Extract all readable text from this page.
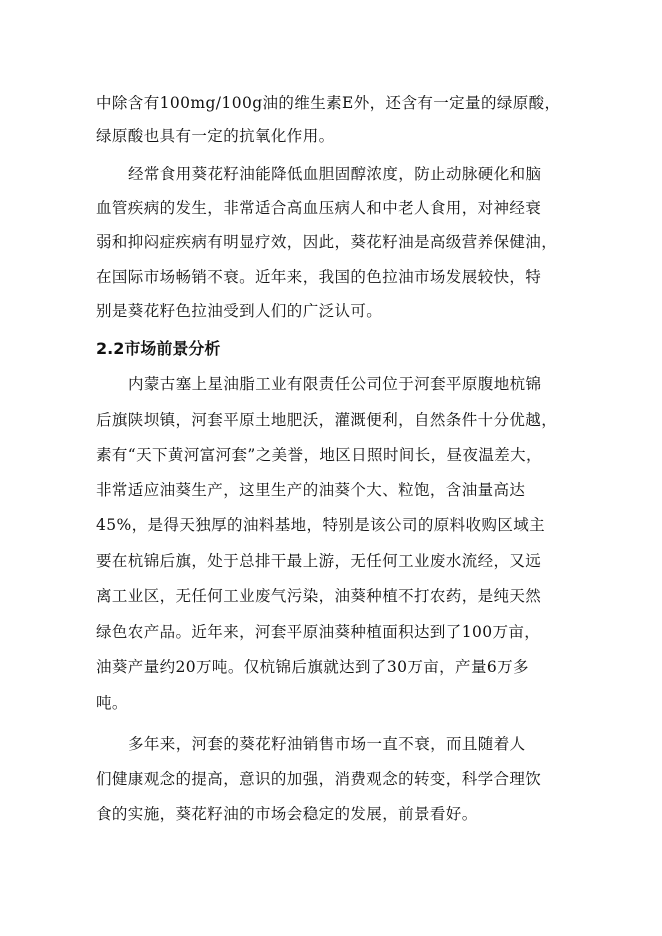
中除含有100mg/100g油的维生素E外，还含有一定量的绿原酸，
绿原酸也具有一定的抗氧化作用。
经常食用葵花籽油能降低血胆固醇浓度，防止动脉硬化和脑
血管疾病的发生，非常适合高血压病人和中老人食用，对神经衰
弱和抑闷症疾病有明显疗效，因此，葵花籽油是高级营养保健油，
在国际市场畅销不衰。近年来，我国的色拉油市场发展较快，特
别是葵花籽色拉油受到人们的广泛认可。
2.2市场前景分析
内蒙古塞上星油脂工业有限责任公司位于河套平原腹地杭锦
后旗陕坝镇，河套平原土地肥沃，灌溉便利，自然条件十分优越，
素有“天下黄河富河套”之美誉，地区日照时间长，昼夜温差大，
非常适应油葵生产，这里生产的油葵个大、粒饱，含油量高达
45%，是得天独厚的油料基地，特别是该公司的原料收购区域主
要在杭锦后旗，处于总排干最上游，无任何工业废水流经，又远
离工业区，无任何工业废气污染，油葵种植不打农药，是纯天然
绿色农产品。近年来，河套平原油葵种植面积达到了100万亩，
油葵产量约20万吨。仅杭锦后旗就达到了30万亩，产量6万多
吨。
多年来，河套的葵花籽油销售市场一直不衰，而且随着人
们健康观念的提高，意识的加强，消费观念的转变，科学合理饮
食的实施，葵花籽油的市场会稳定的发展，前景看好。
